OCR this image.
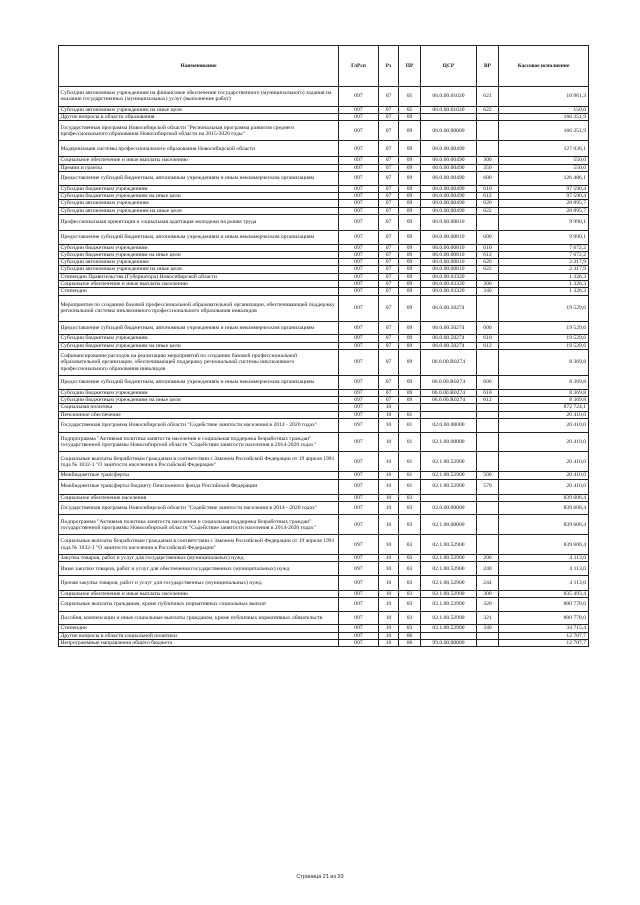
Наименование	ГлРсп	Рз	ПР	ЦСР	ВР	Кассовое исполнение
Субсидии автономным учреждениям на финансовое обеспечение государственного (муниципального) задания на оказание государственных (муниципальных) услуг (выполнение работ)	097	07	05	06.0.00.01020	621	10 961,3
Субсидии автономным учреждениям на иные цели	097	07	05	06.0.00.01020	622	150,0
Другие вопросы в области образования	097	07	09			166 251,9
Государственная программа Новосибирской области "Региональная программа развития среднего профессионального образования Новосибирской области на 2015-2020 годы"	097	07	09	06.0.00.00000		166 251,9
Модернизация системы профессионального образования Новосибирской области	097	07	09	06.0.00.00490		127 036,1
Социальное обеспечение и иные выплаты населению	097	07	09	06.0.00.00490	300	550,0
Премии и гранты	097	07	09	06.0.00.00490	350	550,0
Предоставление субсидий бюджетным, автономным учреждениям и иным некоммерческим организациям	097	07	09	06.0.00.00490	600	126 486,1
Субсидии бюджетным учреждениям	097	07	09	06.0.00.00490	610	97 590,4
Субсидии бюджетным учреждениям на иные цели	097	07	09	06.0.00.00490	612	97 590,4
Субсидии автономным учреждениям	097	07	09	06.0.00.00490	620	28 895,7
Субсидии автономным учреждениям на иные цели	097	07	09	06.0.00.00490	622	28 895,7
Профессиональная ориентация и социальная адаптация молодежи на рынке труда	097	07	09	06.0.00.00810		9 990,1
Предоставление субсидий бюджетным, автономным учреждениям и иным некоммерческим организациям	097	07	09	06.0.00.00810	600	9 990,1
Субсидии бюджетным учреждениям	097	07	09	06.0.00.00810	610	7 672,2
Субсидии бюджетным учреждениям на иные цели	097	07	09	06.0.00.00810	612	7 672,2
Субсидии автономным учреждениям	097	07	09	06.0.00.00810	620	2 317,9
Субсидии автономным учреждениям на иные цели	097	07	09	06.0.00.00810	622	2 317,9
Стипендии Правительства (Губернатора) Новосибирской области	097	07	09	06.0.00.03320		1 326,3
Социальное обеспечение и иные выплаты населению	097	07	09	06.0.00.03320	300	1 326,3
Стипендии	097	07	09	06.0.00.03320	340	1 326,3
Мероприятия по созданию базовой профессиональной образовательной организации, обеспечивающей поддержку региональной системы инклюзивного профессионального образования инвалидов	097	07	09	06.0.00.50274		19 529,6
Предоставление субсидий бюджетным, автономным учреждениям и иным некоммерческим организациям	097	07	09	06.0.00.50274	600	19 529,6
Субсидии бюджетным учреждениям	097	07	09	06.0.00.50274	610	19 529,6
Субсидии бюджетным учреждениям на иные цели	097	07	09	06.0.00.50274	612	19 529,6
Софинансирование расходов на реализацию мероприятий по созданию базовой профессиональной образовательной организации, обеспечивающей поддержку региональной системы инклюзивного профессионального образования инвалидов	097	07	09	06.0.00.R0274		8 369,8
Предоставление субсидий бюджетным, автономным учреждениям и иным некоммерческим организациям	097	07	09	06.0.00.R0274	600	8 369,8
Субсидии бюджетным учреждениям	097	07	09	06.0.00.R0274	610	8 369,8
Субсидии бюджетным учреждениям на иные цели	097	07	09	06.0.00.R0274	612	8 369,8
Социальная политика	097	10				872 724,1
Пенсионное обеспечение	097	10	01			20 410,0
Государственная программа Новосибирской области "Содействие занятости населения в 2014 - 2020 годах"	097	10	01	02.0.00.00000		20 410,0
Подпрограмма "Активная политика занятости населения и социальная поддержка безработных граждан" государственной программы Новосибирской области "Содействие занятости населения в 2014-2020 годах"	097	10	01	02.1.00.00000		20 410,0
Социальные выплаты безработным гражданам в соответствии с Законом Российской Федерации от 19 апреля 1991 года № 1032-1 "О занятости населения в Российской Федерации"	097	10	01	02.1.00.52900		20 410,0
Межбюджетные трансферты	097	10	01	02.1.00.52900	500	20 410,0
Межбюджетные трансферты бюджету Пенсионного фонда Российской Федерации	097	10	01	02.1.00.52900	570	20 410,0
Социальное обеспечение населения	097	10	03			839 606,4
Государственная программа Новосибирской области "Содействие занятости населения в 2014 - 2020 годах"	097	10	03	02.0.00.00000		839 606,4
Подпрограмма "Активная политика занятости населения и социальная поддержка безработных граждан" государственной программы Новосибирской области "Содействие занятости населения в 2014-2020 годах"	097	10	03	02.1.00.00000		839 606,4
Социальные выплаты безработным гражданам в соответствии с Законом Российской Федерации от 19 апреля 1991 года № 1032-1 "О занятости населения в Российской Федерации"	097	10	03	02.1.00.52900		839 606,4
Закупка товаров, работ и услуг для государственных (муниципальных) нужд	097	10	03	02.1.00.52900	200	4 113,0
Иные закупки товаров, работ и услуг для обеспечения государственных (муниципальных) нужд	097	10	03	02.1.00.52900	240	4 113,0
Прочая закупка товаров, работ и услуг для государственных (муниципальных) нужд	097	10	03	02.1.00.52900	244	4 113,0
Социальное обеспечение и иные выплаты населению	097	10	03	02.1.00.52900	300	835 493,4
Социальные выплаты гражданам, кроме публичных нормативных социальных выплат	097	10	03	02.1.00.52900	320	800 778,0
Пособия, компенсации и иные социальные выплаты гражданам, кроме публичных нормативных обязательств	097	10	03	02.1.00.52900	321	800 778,0
Стипендии	097	10	03	02.1.00.52900	340	34 715,4
Другие вопросы в области социальной политики	097	10	06			12 707,7
Непрограммные направления общего бюджета	097	10	06	99.0.00.00000		12 707,7
Страница 21 из 93
